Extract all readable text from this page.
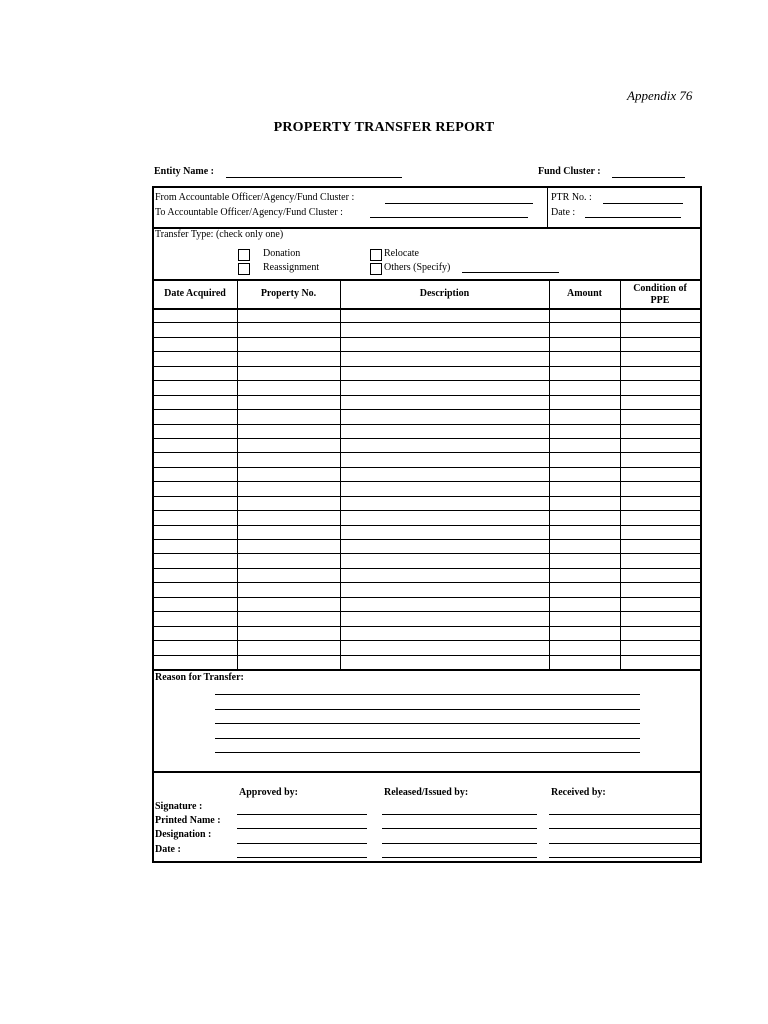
Appendix 76
PROPERTY TRANSFER REPORT
Entity Name :	Fund Cluster :
From Accountable Officer/Agency/Fund Cluster :
To Accountable Officer/Agency/Fund Cluster :
PTR No. :
Date :
Transfer Type: (check only one)
Donation	Relocate
Reassignment	Others (Specify)
Date Acquired	Property No.	Description	Amount	Condition of PPE
Reason for Transfer:
Approved by:	Released/Issued by:	Received by:
Signature :
Printed Name :
Designation :
Date :
